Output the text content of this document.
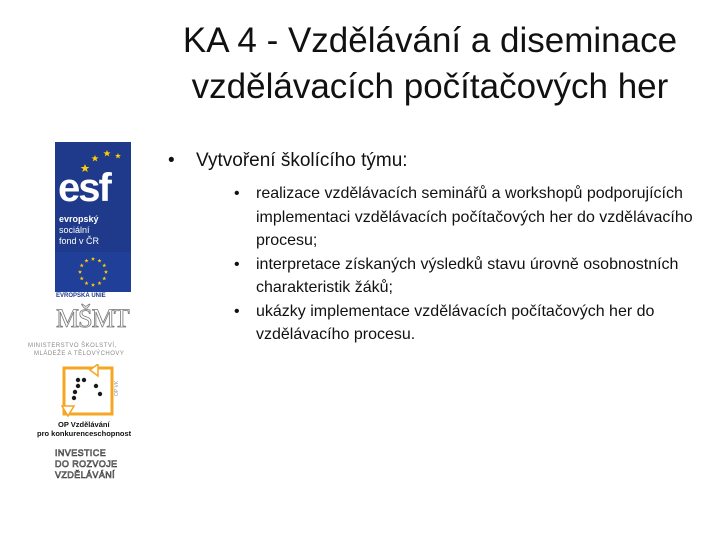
KA 4 - Vzdělávání a diseminace
vzdělávacích počítačových her
• Vytvoření školícího týmu:
• realizace vzdělávacích seminářů a workshopů podporujících implementaci vzdělávacích počítačových her do vzdělávacího procesu;
• interpretace získaných výsledků stavu úrovně osobnostních charakteristik žáků;
• ukázky implementace vzdělávacích počítačových her do vzdělávacího procesu.
esf
evropský
sociální
fond v ČR
EVROPSKÁ UNIE
MŠMT
MINISTERSTVO ŠKOLSTVÍ,
MLÁDEŽE A TĚLOVÝCHOVY
OP VK
OP Vzdělávání
pro konkurenceschopnost
INVESTICE
DO ROZVOJE
VZDĚLÁVÁNÍ
